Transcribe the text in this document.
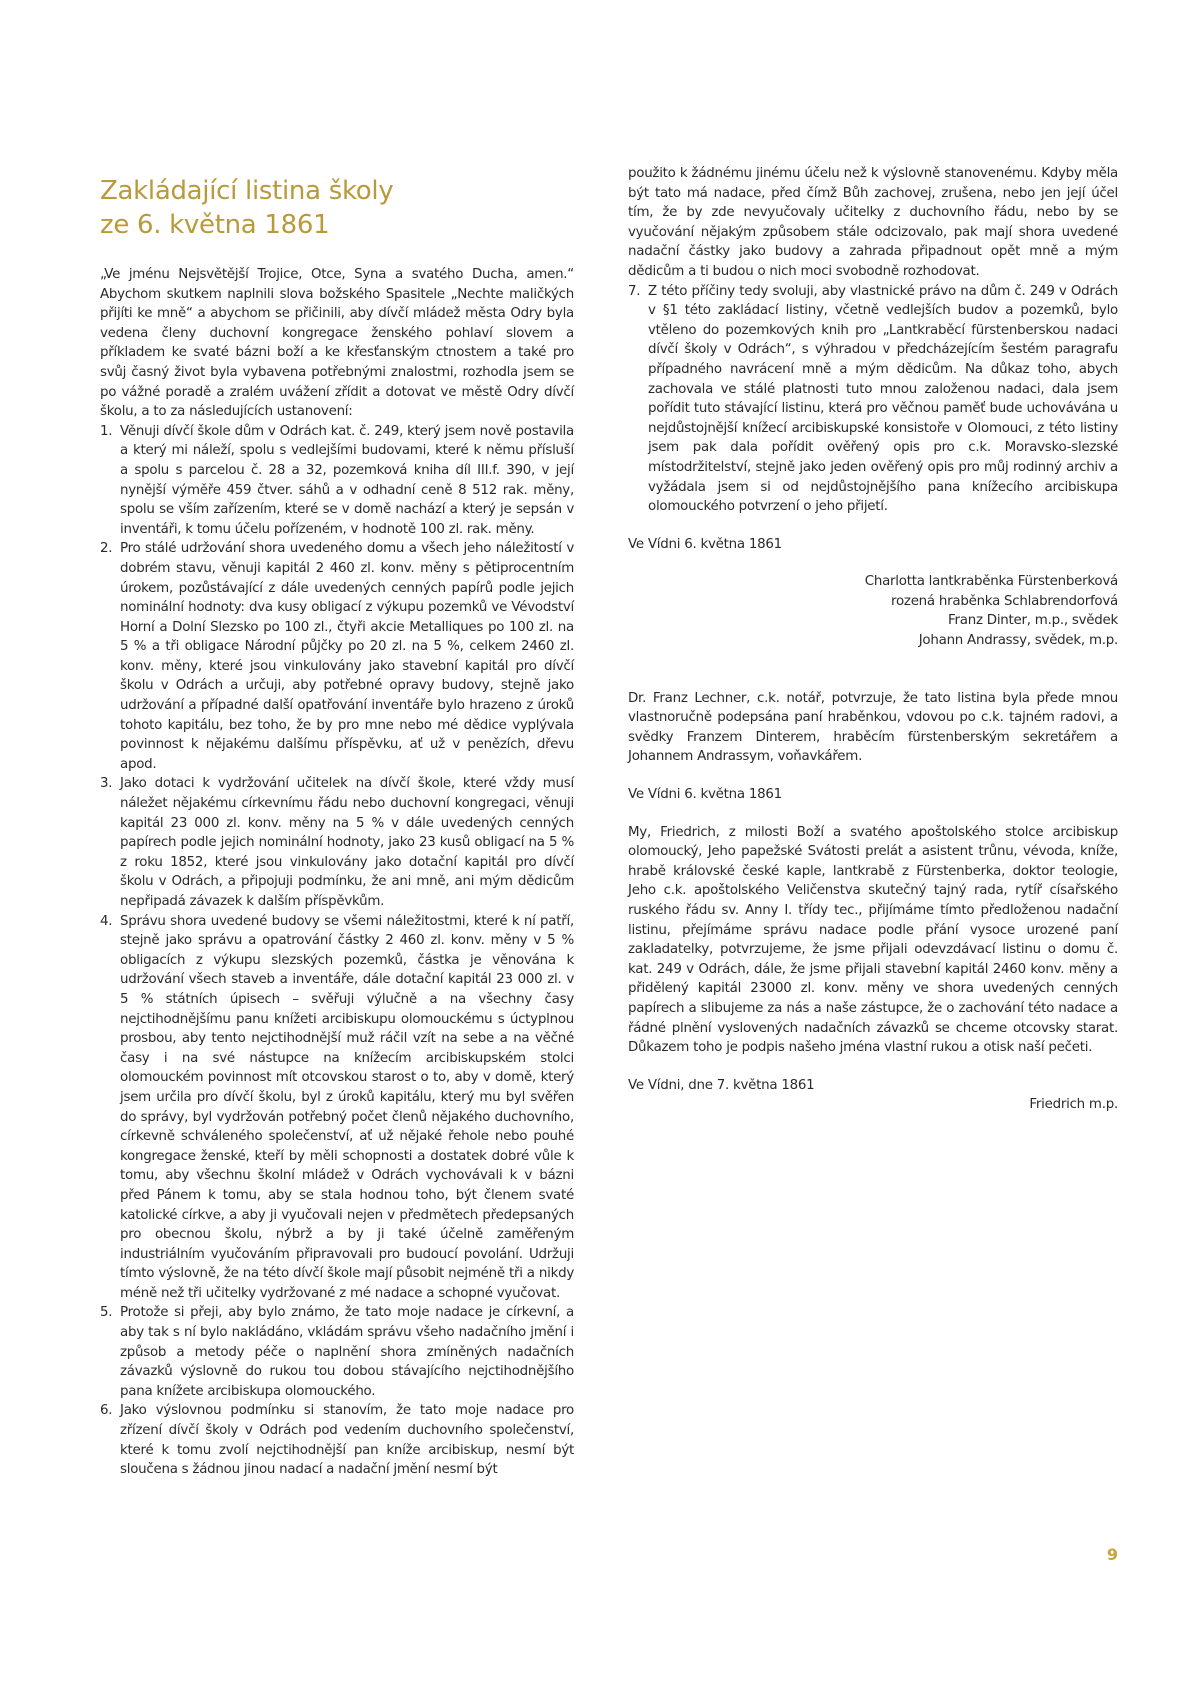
Zakládající listina školy
ze 6. května 1861

„Ve jménu Nejsvětější Trojice, Otce, Syna a svatého Ducha, amen.“ Abychom skutkem naplnili slova božského Spasitele „Nechte maličkých přijíti ke mně“ a abychom se přičinili, aby dívčí mládež města Odry byla vedena členy duchovní kongregace ženského pohlaví slovem a příkladem ke svaté bázni boží a ke křesťanským ctnostem a také pro svůj časný život byla vybavena potřebnými znalostmi, rozhodla jsem se po vážné poradě a zralém uvážení zřídit a dotovat ve městě Odry dívčí školu, a to za následujících ustanovení:

1. Věnuji dívčí škole dům v Odrách kat. č. 249, který jsem nově postavila a který mi náleží, spolu s vedlejšími budovami, které k němu přísluší a spolu s parcelou č. 28 a 32, pozemková kniha díl III.f. 390, v její nynější výměře 459 čtver. sáhů a v odhadní ceně 8 512 rak. měny, spolu se vším zařízením, které se v domě nachází a který je sepsán v inventáři, k tomu účelu pořízeném, v hodnotě 100 zl. rak. měny.
2. Pro stálé udržování shora uvedeného domu a všech jeho náležitostí v dobrém stavu, věnuji kapitál 2 460 zl. konv. měny s pětiprocentním úrokem, pozůstávající z dále uvedených cenných papírů podle jejich nominální hodnoty: dva kusy obligací z výkupu pozemků ve Vévodství Horní a Dolní Slezsko po 100 zl., čtyři akcie Metalliques po 100 zl. na 5 % a tři obligace Národní půjčky po 20 zl. na 5 %, celkem 2460 zl. konv. měny, které jsou vinkulovány jako stavební kapitál pro dívčí školu v Odrách a určuji, aby potřebné opravy budovy, stejně jako udržování a případné další opatřování inventáře bylo hrazeno z úroků tohoto kapitálu, bez toho, že by pro mne nebo mé dědice vyplývala povinnost k nějakému dalšímu příspěvku, ať už v penězích, dřevu apod.
3. Jako dotaci k vydržování učitelek na dívčí škole, které vždy musí náležet nějakému církevnímu řádu nebo duchovní kongregaci, věnuji kapitál 23 000 zl. konv. měny na 5 % v dále uvedených cenných papírech podle jejich nominální hodnoty, jako 23 kusů obligací na 5 % z roku 1852, které jsou vinkulovány jako dotační kapitál pro dívčí školu v Odrách, a připojuji podmínku, že ani mně, ani mým dědicům nepřipadá závazek k dalším příspěvkům.
4. Správu shora uvedené budovy se všemi náležitostmi, které k ní patří, stejně jako správu a opatrování částky 2 460 zl. konv. měny v 5 % obligacích z výkupu slezských pozemků, částka je věnována k udržování všech staveb a inventáře, dále dotační kapitál 23 000 zl. v 5 % státních úpisech – svěřuji výlučně a na všechny časy nejctihodnějšímu panu knížeti arcibiskupu olomouckému s úctyplnou prosbou, aby tento nejctihodnější muž ráčil vzít na sebe a na věčné časy i na své nástupce na knížecím arcibiskupském stolci olomouckém povinnost mít otcovskou starost o to, aby v domě, který jsem určila pro dívčí školu, byl z úroků kapitálu, který mu byl svěřen do správy, byl vydržován potřebný počet členů nějakého duchovního, církevně schváleného společenství, ať už nějaké řehole nebo pouhé kongregace ženské, kteří by měli schopnosti a dostatek dobré vůle k tomu, aby všechnu školní mládež v Odrách vychovávali k v bázni před Pánem k tomu, aby se stala hodnou toho, být členem svaté katolické církve, a aby ji vyučovali nejen v předmětech předepsaných pro obecnou školu, nýbrž a by ji také účelně zaměřeným industriálním vyučováním připravovali pro budoucí povolání. Udržuji tímto výslovně, že na této dívčí škole mají působit nejméně tři a nikdy méně než tři učitelky vydržované z mé nadace a schopné vyučovat.
5. Protože si přeji, aby bylo známo, že tato moje nadace je církevní, a aby tak s ní bylo nakládáno, vkládám správu všeho nadačního jmění i způsob a metody péče o naplnění shora zmíněných nadačních závazků výslovně do rukou tou dobou stávajícího nejctihodnějšího pana knížete arcibiskupa olomouckého.
6. Jako výslovnou podmínku si stanovím, že tato moje nadace pro zřízení dívčí školy v Odrách pod vedením duchovního společenství, které k tomu zvolí nejctihodnější pan kníže arcibiskup, nesmí být sloučena s žádnou jinou nadací a nadační jmění nesmí být

použito k žádnému jinému účelu než k výslovně stanovenému. Kdyby měla být tato má nadace, před čímž Bůh zachovej, zrušena, nebo jen její účel tím, že by zde nevyučovaly učitelky z duchovního řádu, nebo by se vyučování nějakým způsobem stále odcizovalo, pak mají shora uvedené nadační částky jako budovy a zahrada připadnout opět mně a mým dědicům a ti budou o nich moci svobodně rozhodovat.

7. Z této příčiny tedy svoluji, aby vlastnické právo na dům č. 249 v Odrách v §1 této zakládací listiny, včetně vedlejších budov a pozemků, bylo vtěleno do pozemkových knih pro „Lantkraběcí fürstenberskou nadaci dívčí školy v Odrách“, s výhradou v předcházejícím šestém paragrafu případného navrácení mně a mým dědicům. Na důkaz toho, abych zachovala ve stálé platnosti tuto mnou založenou nadaci, dala jsem pořídit tuto stávající listinu, která pro věčnou paměť bude uchovávána u nejdůstojnější knížecí arcibiskupské konsistoře v Olomouci, z této listiny jsem pak dala pořídit ověřený opis pro c.k. Moravsko-slezské místodržitelství, stejně jako jeden ověřený opis pro můj rodinný archiv a vyžádala jsem si od nejdůstojnějšího pana knížecího arcibiskupa olomouckého potvrzení o jeho přijetí.

Ve Vídni 6. května 1861

Charlotta lantkraběnka Fürstenberková

rozená hraběnka Schlabrendorfová

Franz Dinter, m.p., svědek

Johann Andrassy, svědek, m.p.

Dr. Franz Lechner, c.k. notář, potvrzuje, že tato listina byla přede mnou vlastnoručně podepsána paní hraběnkou, vdovou po c.k. tajném radovi, a svědky Franzem Dinterem, hraběcím fürstenberským sekretářem a Johannem Andrassym, voňavkářem.

Ve Vídni 6. května 1861

My, Friedrich, z milosti Boží a svatého apoštolského stolce arcibiskup olomoucký, Jeho papežské Svátosti prelát a asistent trůnu, vévoda, kníže, hrabě královské české kaple, lantkrabě z Fürstenberka, doktor teologie, Jeho c.k. apoštolského Veličenstva skutečný tajný rada, rytíř císařského ruského řádu sv. Anny I. třídy tec., přijímáme tímto předloženou nadační listinu, přejímáme správu nadace podle přání vysoce urozené paní zakladatelky, potvrzujeme, že jsme přijali odevzdávací listinu o domu č. kat. 249 v Odrách, dále, že jsme přijali stavební kapitál 2460 konv. měny a přidělený kapitál 23000 zl. konv. měny ve shora uvedených cenných papírech a slibujeme za nás a naše zástupce, že o zachování této nadace a řádné plnění vyslovených nadačních závazků se chceme otcovsky starat. Důkazem toho je podpis našeho jména vlastní rukou a otisk naší pečeti.

Ve Vídni, dne 7. května 1861

Friedrich m.p.

9
